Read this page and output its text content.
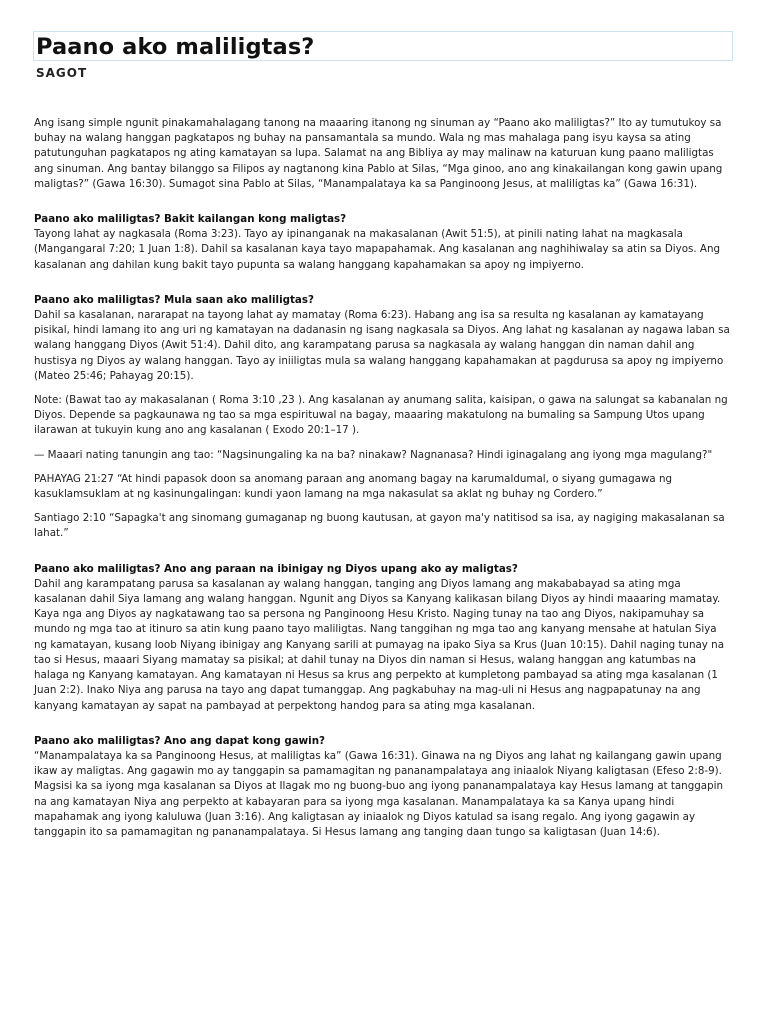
Paano ako maliligtas?
SAGOT

Ang isang simple ngunit pinakamahalagang tanong na maaaring itanong ng sinuman ay “Paano ako maliligtas?” Ito ay tumutukoy sa buhay na walang hanggan pagkatapos ng buhay na pansamantala sa mundo. Wala ng mas mahalaga pang isyu kaysa sa ating patutunguhan pagkatapos ng ating kamatayan sa lupa. Salamat na ang Bibliya ay may malinaw na katuruan kung paano maliligtas ang sinuman. Ang bantay bilanggo sa Filipos ay nagtanong kina Pablo at Silas, “Mga ginoo, ano ang kinakailangan kong gawin upang maligtas?” (Gawa 16:30). Sumagot sina Pablo at Silas, “Manampalataya ka sa Panginoong Jesus, at maliligtas ka” (Gawa 16:31).

Paano ako maliligtas? Bakit kailangan kong maligtas?

Tayong lahat ay nagkasala (Roma 3:23). Tayo ay ipinanganak na makasalanan (Awit 51:5), at pinili nating lahat na magkasala (Mangangaral 7:20; 1 Juan 1:8). Dahil sa kasalanan kaya tayo mapapahamak. Ang kasalanan ang naghihiwalay sa atin sa Diyos. Ang kasalanan ang dahilan kung bakit tayo pupunta sa walang hanggang kapahamakan sa apoy ng impiyerno.

Paano ako maliligtas? Mula saan ako maliligtas?

Dahil sa kasalanan, nararapat na tayong lahat ay mamatay (Roma 6:23). Habang ang isa sa resulta ng kasalanan ay kamatayang pisikal, hindi lamang ito ang uri ng kamatayan na dadanasin ng isang nagkasala sa Diyos. Ang lahat ng kasalanan ay nagawa laban sa walang hanggang Diyos (Awit 51:4). Dahil dito, ang karampatang parusa sa nagkasala ay walang hanggan din naman dahil ang hustisya ng Diyos ay walang hanggan. Tayo ay iniiligtas mula sa walang hanggang kapahamakan at pagdurusa sa apoy ng impiyerno (Mateo 25:46; Pahayag 20:15).

Note: (Bawat tao ay makasalanan ( Roma 3:10 ,23 ). Ang kasalanan ay anumang salita, kaisipan, o gawa na salungat sa kabanalan ng Diyos. Depende sa pagkaunawa ng tao sa mga espirituwal na bagay, maaaring makatulong na bumaling sa Sampung Utos upang ilarawan at tukuyin kung ano ang kasalanan ( Exodo 20:1–17 ).

— Maaari nating tanungin ang tao: “Nagsinungaling ka na ba? ninakaw? Nagnanasa? Hindi iginagalang ang iyong mga magulang?"

PAHAYAG 21:27 “At hindi papasok doon sa anomang paraan ang anomang bagay na karumaldumal, o siyang gumagawa ng kasuklamsuklam at ng kasinungalingan: kundi yaon lamang na mga nakasulat sa aklat ng buhay ng Cordero.”

Santiago 2:10 “Sapagka't ang sinomang gumaganap ng buong kautusan, at gayon ma'y natitisod sa isa, ay nagiging makasalanan sa lahat.”

Paano ako maliligtas? Ano ang paraan na ibinigay ng Diyos upang ako ay maligtas?

Dahil ang karampatang parusa sa kasalanan ay walang hanggan, tanging ang Diyos lamang ang makababayad sa ating mga kasalanan dahil Siya lamang ang walang hanggan. Ngunit ang Diyos sa Kanyang kalikasan bilang Diyos ay hindi maaaring mamatay. Kaya nga ang Diyos ay nagkatawang tao sa persona ng Panginoong Hesu Kristo. Naging tunay na tao ang Diyos, nakipamuhay sa mundo ng mga tao at itinuro sa atin kung paano tayo maliligtas. Nang tanggihan ng mga tao ang kanyang mensahe at hatulan Siya ng kamatayan, kusang loob Niyang ibinigay ang Kanyang sarili at pumayag na ipako Siya sa Krus (Juan 10:15). Dahil naging tunay na tao si Hesus, maaari Siyang mamatay sa pisikal; at dahil tunay na Diyos din naman si Hesus, walang hanggan ang katumbas na halaga ng Kanyang kamatayan. Ang kamatayan ni Hesus sa krus ang perpekto at kumpletong pambayad sa ating mga kasalanan (1 Juan 2:2). Inako Niya ang parusa na tayo ang dapat tumanggap. Ang pagkabuhay na mag-uli ni Hesus ang nagpapatunay na ang kanyang kamatayan ay sapat na pambayad at perpektong handog para sa ating mga kasalanan.

Paano ako maliligtas? Ano ang dapat kong gawin?

“Manampalataya ka sa Panginoong Hesus, at maliligtas ka” (Gawa 16:31). Ginawa na ng Diyos ang lahat ng kailangang gawin upang ikaw ay maligtas. Ang gagawin mo ay tanggapin sa pamamagitan ng pananampalataya ang iniaalok Niyang kaligtasan (Efeso 2:8-9). Magsisi ka sa iyong mga kasalanan sa Diyos at Ilagak mo ng buong-buo ang iyong pananampalataya kay Hesus lamang at tanggapin na ang kamatayan Niya ang perpekto at kabayaran para sa iyong mga kasalanan. Manampalataya ka sa Kanya upang hindi mapahamak ang iyong kaluluwa (Juan 3:16). Ang kaligtasan ay iniaalok ng Diyos katulad sa isang regalo. Ang iyong gagawin ay tanggapin ito sa pamamagitan ng pananampalataya. Si Hesus lamang ang tanging daan tungo sa kaligtasan (Juan 14:6).
